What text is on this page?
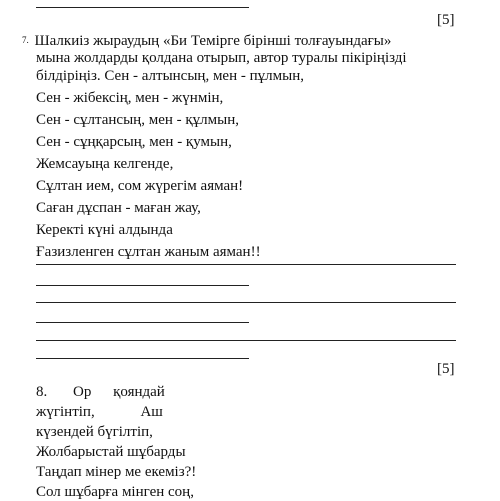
[5]
7. Шалкиіз жыраудың «Би Темірге бірінші толғауындағы»
мына жолдарды қолдана отырып, автор туралы пікіріңізді
білдіріңіз. Сен - алтынсың, мен - пұлмын,
Сен - жібексің, мен - жүнмін,
Сен - сұлтансың, мен - құлмын,
Сен - сұңқарсың, мен - қумын,
Жемсауыңа келгенде,
Сұлтан ием, сом жүрегім аяман!
Саған дұспан - маған жау,
Керекті күні алдында
Ғазизленген сұлтан жаным аяман!!
[5]
8. Ор қояндай
жүгінтіп,	Аш
күзендей бүгілтіп,
Жолбарыстай шұбарды
Таңдап мінер ме екеміз?!
Сол шұбарға мінген соң,
